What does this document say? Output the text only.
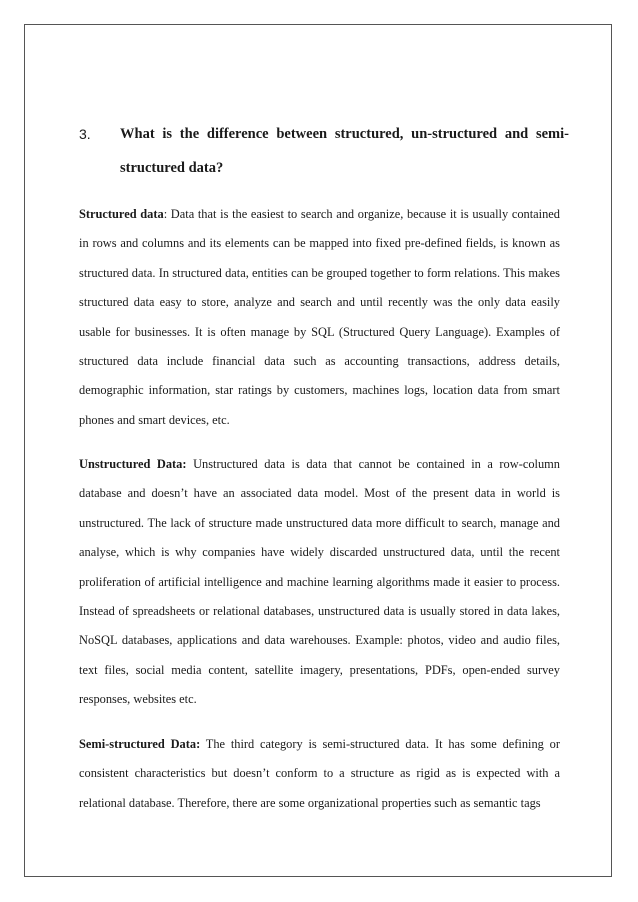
3. What is the difference between structured, un-structured and semi-structured data?

Structured data: Data that is the easiest to search and organize, because it is usually contained in rows and columns and its elements can be mapped into fixed pre-defined fields, is known as structured data. In structured data, entities can be grouped together to form relations. This makes structured data easy to store, analyze and search and until recently was the only data easily usable for businesses. It is often manage by SQL (Structured Query Language). Examples of structured data include financial data such as accounting transactions, address details, demographic information, star ratings by customers, machines logs, location data from smart phones and smart devices, etc.

Unstructured Data: Unstructured data is data that cannot be contained in a row-column database and doesn’t have an associated data model. Most of the present data in world is unstructured. The lack of structure made unstructured data more difficult to search, manage and analyse, which is why companies have widely discarded unstructured data, until the recent proliferation of artificial intelligence and machine learning algorithms made it easier to process. Instead of spreadsheets or relational databases, unstructured data is usually stored in data lakes, NoSQL databases, applications and data warehouses. Example: photos, video and audio files, text files, social media content, satellite imagery, presentations, PDFs, open-ended survey responses, websites etc.

Semi-structured Data: The third category is semi-structured data. It has some defining or consistent characteristics but doesn’t conform to a structure as rigid as is expected with a relational database. Therefore, there are some organizational properties such as semantic tags
